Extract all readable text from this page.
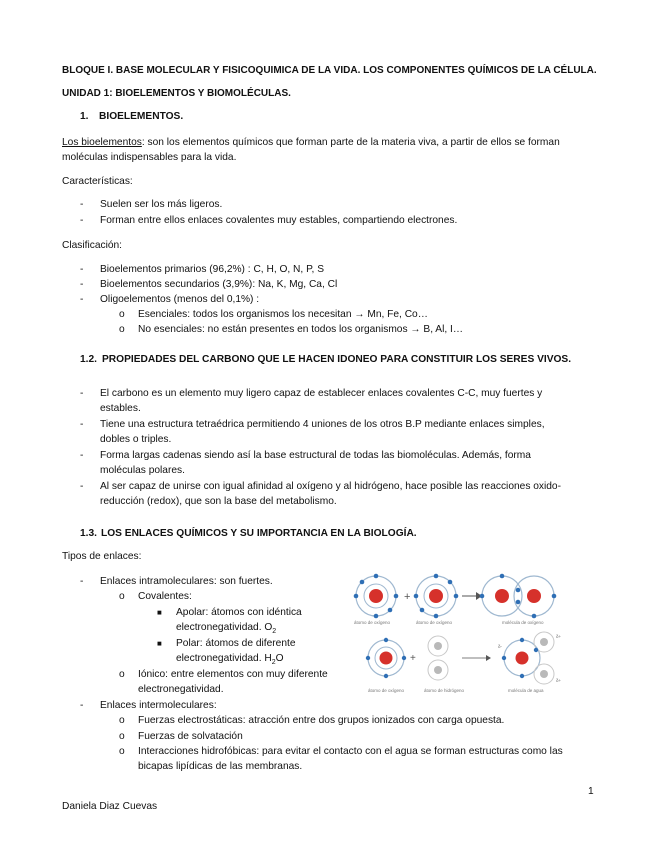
BLOQUE I. BASE MOLECULAR Y FISICOQUIMICA DE LA VIDA. LOS COMPONENTES QUÍMICOS DE LA CÉLULA.
UNIDAD 1: BIOELEMENTOS Y BIOMOLÉCULAS.
1. BIOELEMENTOS.
Los bioelementos: son los elementos químicos que forman parte de la materia viva, a partir de ellos se forman
moléculas indispensables para la vida.
Características:
- Suelen ser los más ligeros.
- Forman entre ellos enlaces covalentes muy estables, compartiendo electrones.
Clasificación:
- Bioelementos primarios (96,2%) : C, H, O, N, P, S
- Bioelementos secundarios (3,9%): Na, K, Mg, Ca, Cl
- Oligoelementos (menos del 0,1%) :
o Esenciales: todos los organismos los necesitan → Mn, Fe, Co…
o No esenciales: no están presentes en todos los organismos → B, Al, I…
1.2. PROPIEDADES DEL CARBONO QUE LE HACEN IDONEO PARA CONSTITUIR LOS SERES VIVOS.
- El carbono es un elemento muy ligero capaz de establecer enlaces covalentes C-C, muy fuertes y
estables.
- Tiene una estructura tetraédrica permitiendo 4 uniones de los otros B.P mediante enlaces simples,
dobles o triples.
- Forma largas cadenas siendo así la base estructural de todas las biomoléculas. Además, forma
moléculas polares.
- Al ser capaz de unirse con igual afinidad al oxígeno y al hidrógeno, hace posible las reacciones oxido-
reducción (redox), que son la base del metabolismo.
1.3. LOS ENLACES QUÍMICOS Y SU IMPORTANCIA EN LA BIOLOGÍA.
Tipos de enlaces:
- Enlaces intramoleculares: son fuertes.
o Covalentes:
■ Apolar: átomos con idéntica
electronegatividad. $O_2$
■ Polar: átomos de diferente
electronegatividad. $H_2O$
o Iónico: entre elementos con muy diferente
electronegatividad.
- Enlaces intermoleculares:
o Fuerzas electrostáticas: atracción entre dos grupos ionizados con carga opuesta.
o Fuerzas de solvatación
o Interacciones hidrofóbicas: para evitar el contacto con el agua se forman estructuras como las
bicapas lipídicas de las membranas.
+
átomo de oxígeno	átomo de oxígeno	molécula de oxígeno
+
δ-
δ+
δ+
átomo de oxígeno	átomo de hidrógeno	molécula de agua
1
Daniela Diaz Cuevas
